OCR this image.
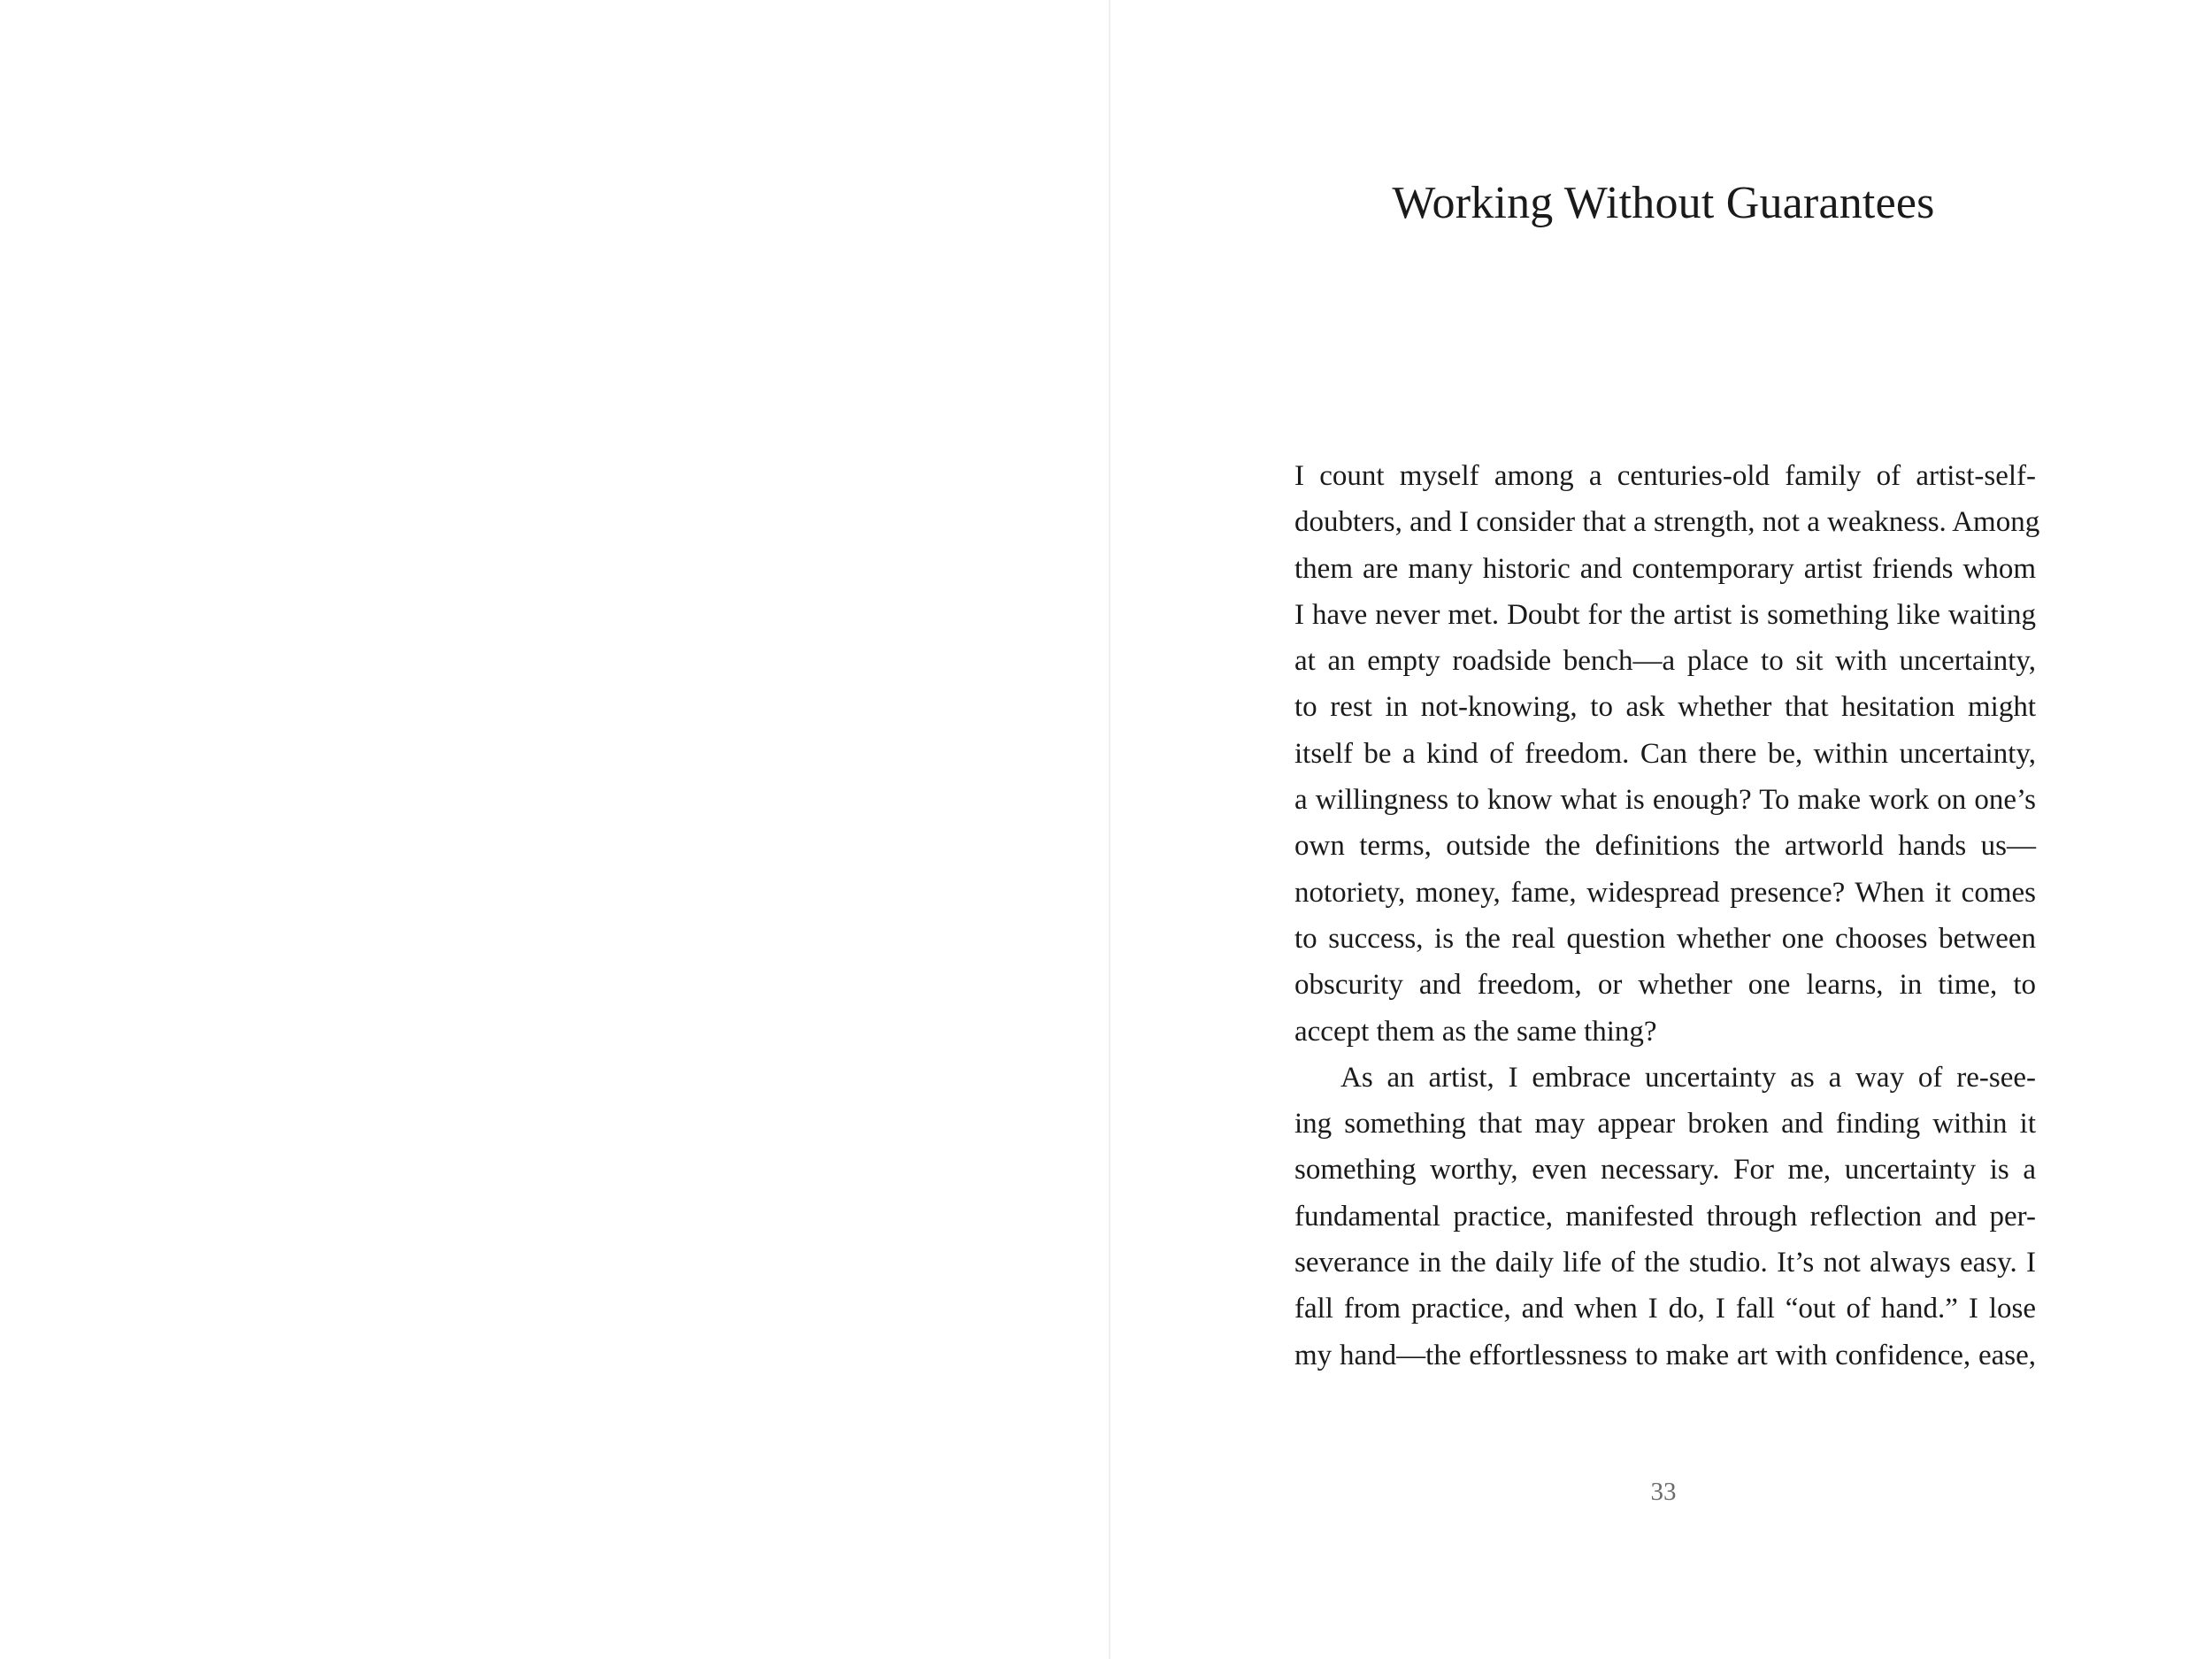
Working Without Guarantees

I count myself among a centuries-old family of artist-self-
doubters, and I consider that a strength, not a weakness. Among
them are many historic and contemporary artist friends whom
I have never met. Doubt for the artist is something like waiting
at an empty roadside bench—a place to sit with uncertainty,
to rest in not-knowing, to ask whether that hesitation might
itself be a kind of freedom. Can there be, within uncertainty,
a willingness to know what is enough? To make work on one’s
own terms, outside the definitions the artworld hands us—
notoriety, money, fame, widespread presence? When it comes
to success, is the real question whether one chooses between
obscurity and freedom, or whether one learns, in time, to
accept them as the same thing?

As an artist, I embrace uncertainty as a way of re-see-
ing something that may appear broken and finding within it
something worthy, even necessary. For me, uncertainty is a
fundamental practice, manifested through reflection and per-
severance in the daily life of the studio. It’s not always easy. I
fall from practice, and when I do, I fall “out of hand.” I lose
my hand—the effortlessness to make art with confidence, ease,

33
